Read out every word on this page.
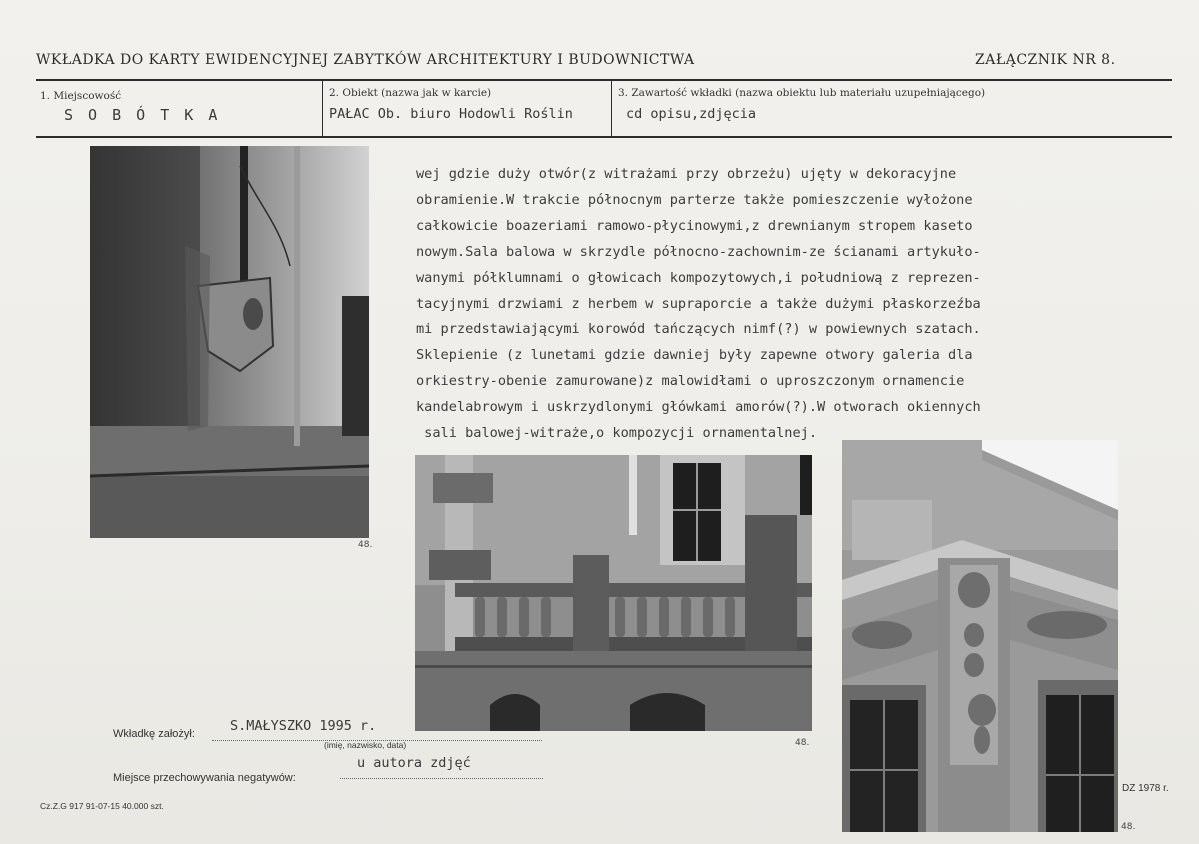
WKŁADKA DO KARTY EWIDENCYJNEJ ZABYTKÓW ARCHITEKTURY I BUDOWNICTWA	ZAŁĄCZNIK NR 8.
1. Miejscowość
S O B Ó T K A
2. Obiekt (nazwa jak w karcie)
PAŁAC Ob. biuro Hodowli Roślin
3. Zawartość wkładki (nazwa obiektu lub materiału uzupełniającego)
cd opisu,zdjęcia
48.
wej gdzie duży otwór(z witrażami przy obrzeżu) ujęty w dekoracyjne
obramienie.W trakcie północnym parterze także pomieszczenie wyłożone
całkowicie boazeriami ramowo-płycinowymi,z drewnianym stropem kaseto
nowym.Sala balowa w skrzydle północno-zachownim-ze ścianami artykuło-
wanymi półklumnami o głowicach kompozytowych,i południową z reprezen-
tacyjnymi drzwiami z herbem w supraporcie a także dużymi płaskorzeźba
mi przedstawiającymi korowód tańczących nimf(?) w powiewnych szatach.
Sklepienie (z lunetami gdzie dawniej były zapewne otwory galeria dla
orkiestry-obenie zamurowane)z malowidłami o uproszczonym ornamencie
kandelabrowym i uskrzydlonymi główkami amorów(?).W otworach okiennych
sali balowej-witraże,o kompozycji ornamentalnej.
48.
48.
Wkładkę założył:	S.MAŁYSZKO 1995 r.
(imię, nazwisko, data)
Miejsce przechowywania negatywów:
u autora zdjęć
Cz.Z.G 917 91-07-15 40.000 szt.
DZ 1978 r.
